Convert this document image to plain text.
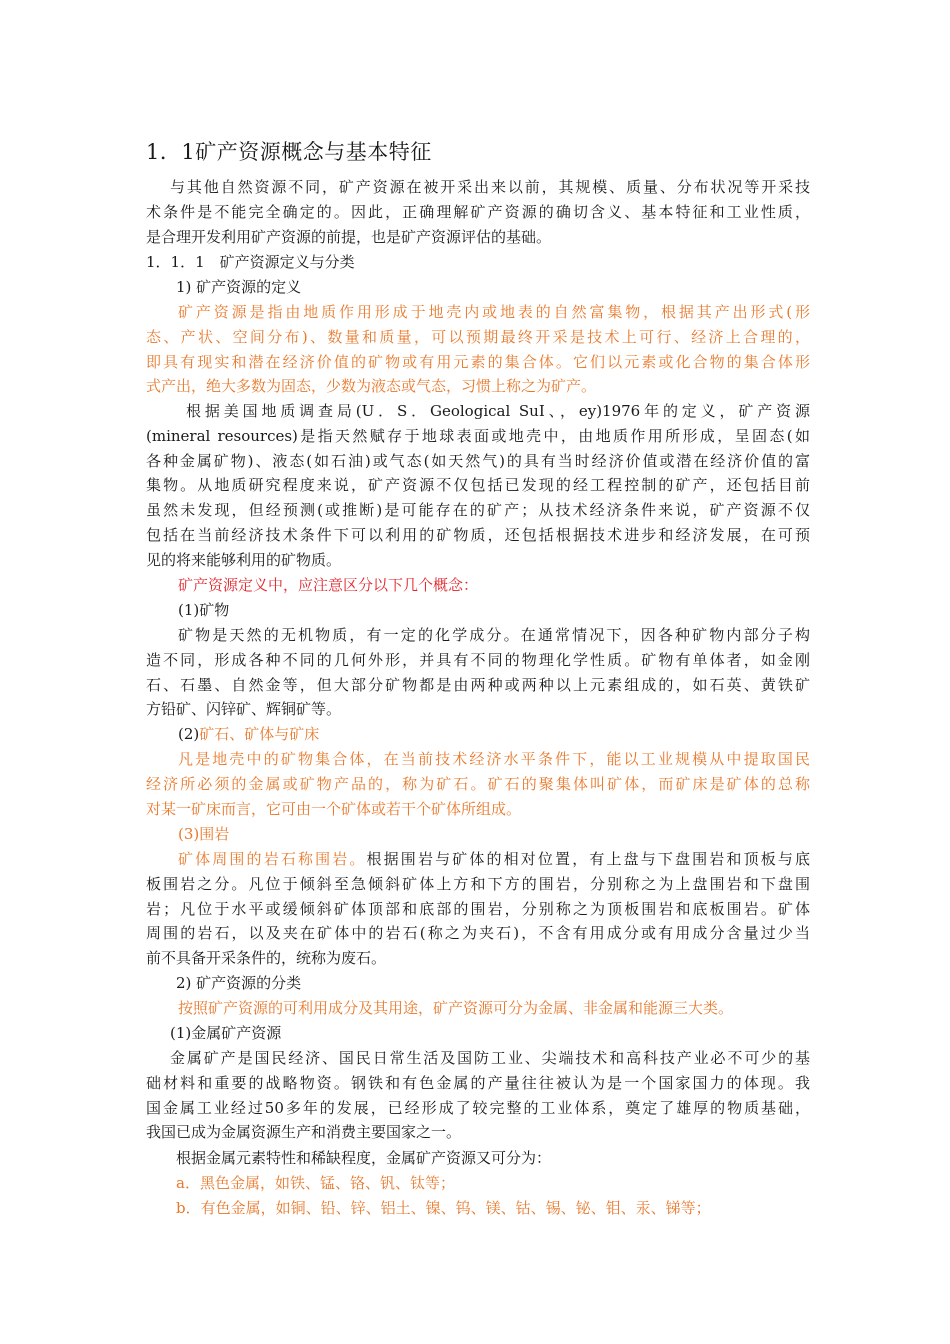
1．1矿产资源概念与基本特征
与其他自然资源不同，矿产资源在被开采出来以前，其规模、质量、分布状况等开采技
术条件是不能完全确定的。因此，正确理解矿产资源的确切含义、基本特征和工业性质，
是合理开发利用矿产资源的前提，也是矿产资源评估的基础。
1．1．1　矿产资源定义与分类
1) 矿产资源的定义
矿产资源是指由地质作用形成于地壳内或地表的自然富集物，根据其产出形式(形
态、产状、空间分布)、数量和质量，可以预期最终开采是技术上可行、经济上合理的，
即具有现实和潜在经济价值的矿物或有用元素的集合体。它们以元素或化合物的集合体形
式产出，绝大多数为固态，少数为液态或气态，习惯上称之为矿产。
根据美国地质调查局(U．S．Geological SuI、，ey)1976年的定义，矿产资源
(mineral resources)是指天然赋存于地球表面或地壳中，由地质作用所形成，呈固态(如
各种金属矿物)、液态(如石油)或气态(如天然气)的具有当时经济价值或潜在经济价值的富
集物。从地质研究程度来说，矿产资源不仅包括已发现的经工程控制的矿产，还包括目前
虽然未发现，但经预测(或推断)是可能存在的矿产；从技术经济条件来说，矿产资源不仅
包括在当前经济技术条件下可以利用的矿物质，还包括根据技术进步和经济发展，在可预
见的将来能够利用的矿物质。
矿产资源定义中，应注意区分以下几个概念：
(1)矿物
矿物是天然的无机物质，有一定的化学成分。在通常情况下，因各种矿物内部分子构
造不同，形成各种不同的几何外形，并具有不同的物理化学性质。矿物有单体者，如金刚
石、石墨、自然金等，但大部分矿物都是由两种或两种以上元素组成的，如石英、黄铁矿
方铅矿、闪锌矿、辉铜矿等。
(2)矿石、矿体与矿床
凡是地壳中的矿物集合体，在当前技术经济水平条件下，能以工业规模从中提取国民
经济所必须的金属或矿物产品的，称为矿石。矿石的聚集体叫矿体，而矿床是矿体的总称
对某一矿床而言，它可由一个矿体或若干个矿体所组成。
(3)围岩
矿体周围的岩石称围岩。根据围岩与矿体的相对位置，有上盘与下盘围岩和顶板与底
板围岩之分。凡位于倾斜至急倾斜矿体上方和下方的围岩，分别称之为上盘围岩和下盘围
岩；凡位于水平或缓倾斜矿体顶部和底部的围岩，分别称之为顶板围岩和底板围岩。矿体
周围的岩石，以及夹在矿体中的岩石(称之为夹石)，不含有用成分或有用成分含量过少当
前不具备开采条件的，统称为废石。
2) 矿产资源的分类
按照矿产资源的可利用成分及其用途，矿产资源可分为金属、非金属和能源三大类。
(1)金属矿产资源
金属矿产是国民经济、国民日常生活及国防工业、尖端技术和高科技产业必不可少的基
础材料和重要的战略物资。钢铁和有色金属的产量往往被认为是一个国家国力的体现。我
国金属工业经过50多年的发展，已经形成了较完整的工业体系，奠定了雄厚的物质基础，
我国已成为金属资源生产和消费主要国家之一。
根据金属元素特性和稀缺程度，金属矿产资源又可分为：
a．黑色金属，如铁、锰、铬、钒、钛等；
b．有色金属，如铜、铅、锌、铝土、镍、钨、镁、钴、锡、铋、钼、汞、锑等；
